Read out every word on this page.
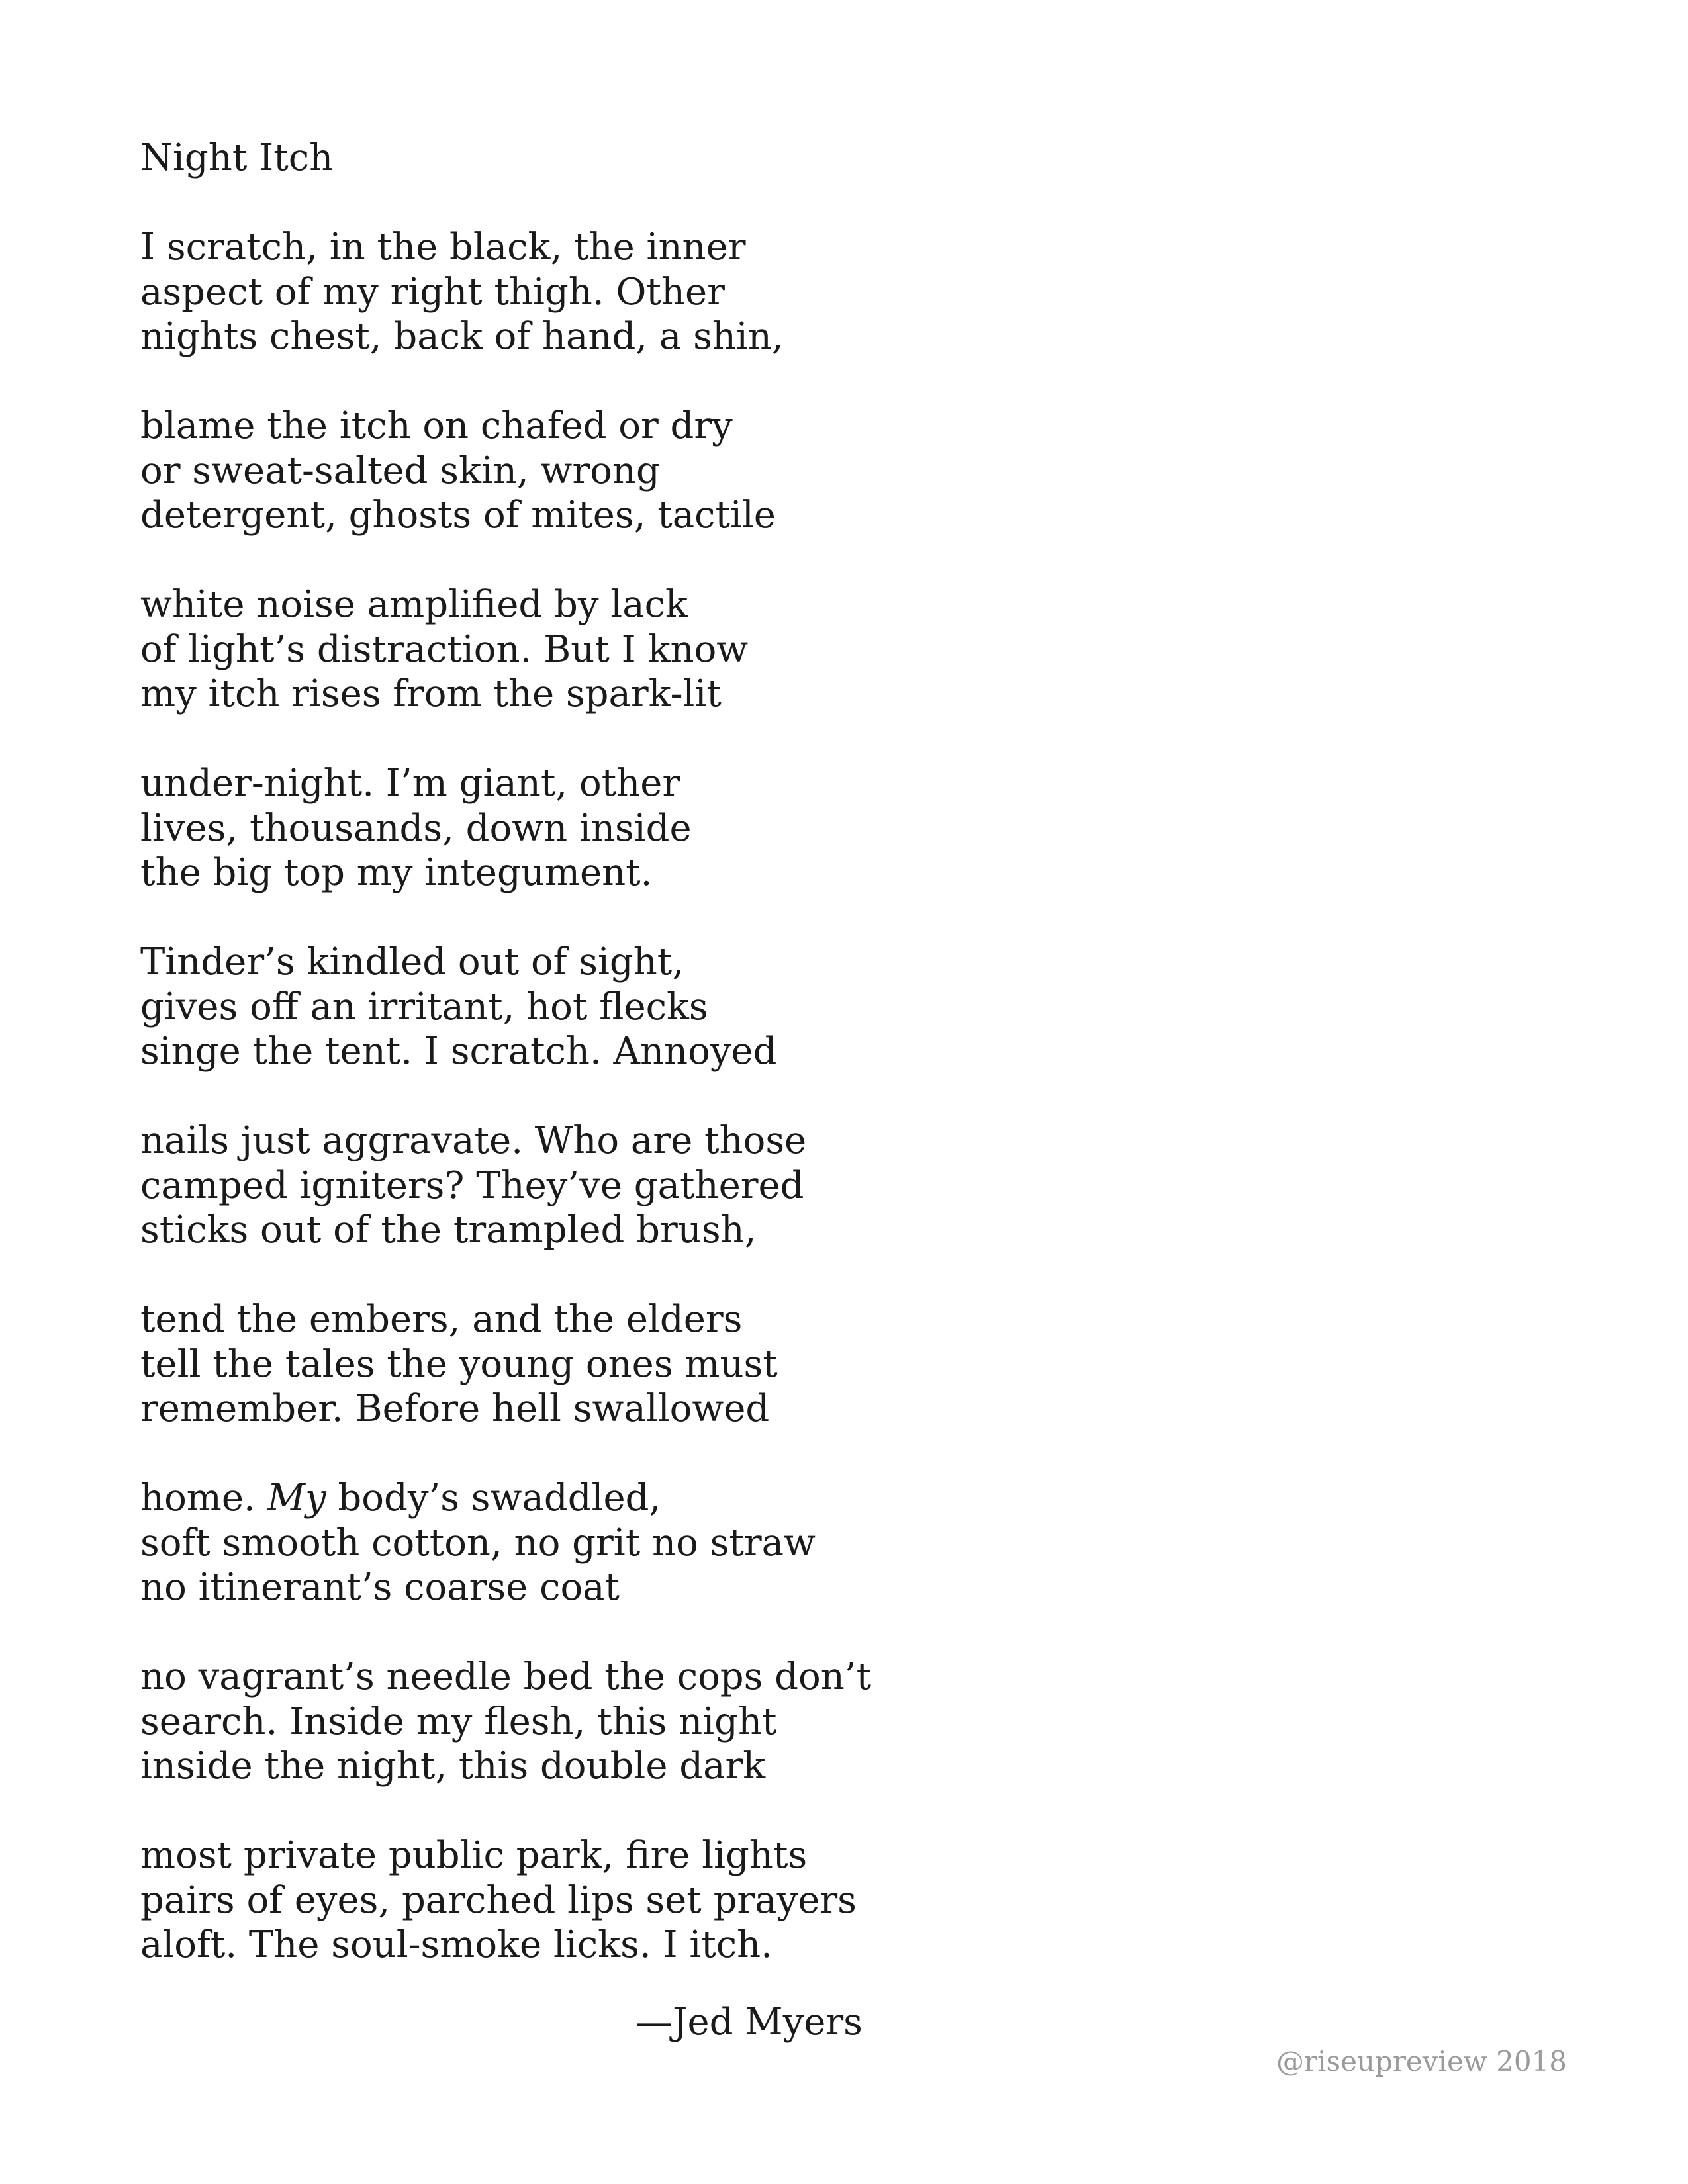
Night Itch
I scratch, in the black, the inner
aspect of my right thigh. Other
nights chest, back of hand, a shin,
blame the itch on chafed or dry
or sweat-salted skin, wrong
detergent, ghosts of mites, tactile
white noise amplified by lack
of light’s distraction. But I know
my itch rises from the spark-lit
under-night. I’m giant, other
lives, thousands, down inside
the big top my integument.
Tinder’s kindled out of sight,
gives off an irritant, hot flecks
singe the tent. I scratch. Annoyed
nails just aggravate. Who are those
camped igniters? They’ve gathered
sticks out of the trampled brush,
tend the embers, and the elders
tell the tales the young ones must
remember. Before hell swallowed
home. My body’s swaddled,
soft smooth cotton, no grit no straw
no itinerant’s coarse coat
no vagrant’s needle bed the cops don’t
search. Inside my flesh, this night
inside the night, this double dark
most private public park, fire lights
pairs of eyes, parched lips set prayers
aloft. The soul-smoke licks. I itch.
—Jed Myers
@riseupreview 2018
